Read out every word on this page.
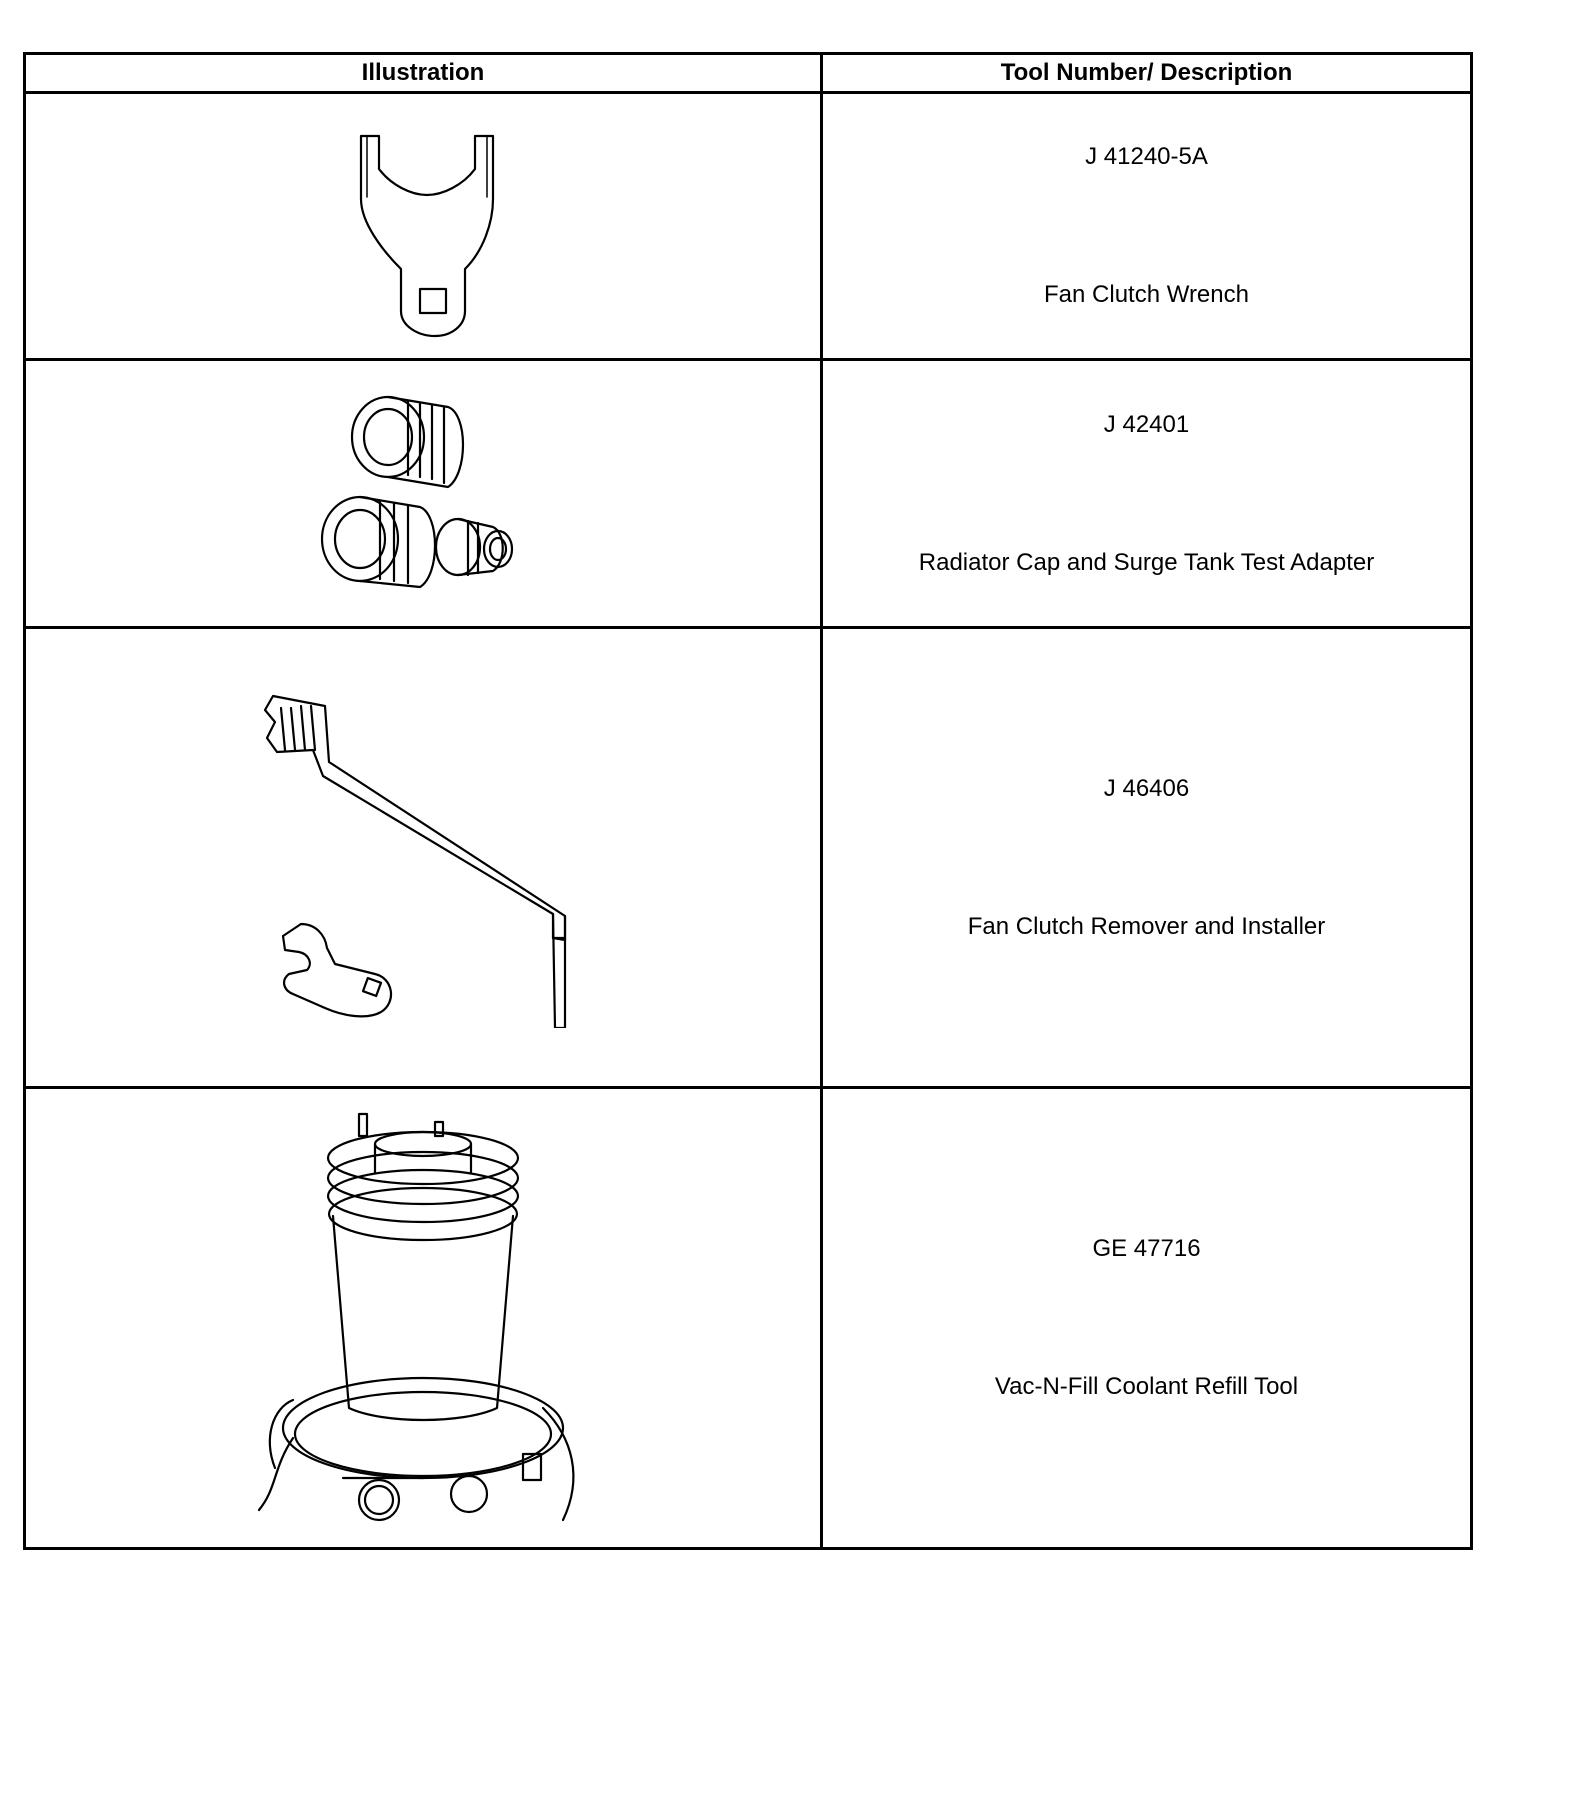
Illustration	Tool Number/ Description

J 41240-5A
Fan Clutch Wrench

J 42401
Radiator Cap and Surge Tank Test Adapter

J 46406
Fan Clutch Remover and Installer

GE 47716
Vac-N-Fill Coolant Refill Tool
